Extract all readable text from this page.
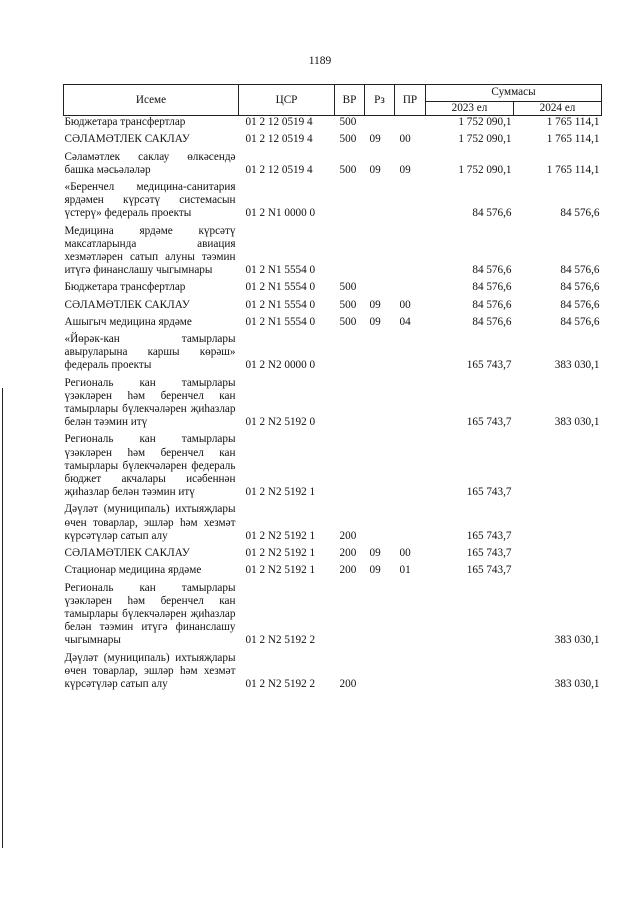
1189
Исеме	ЦСР	ВР	Рз	ПР	Суммасы	
					2023 ел	2024 ел
Бюджетара трансфертлар	01 2 12 0519 4	500			1 752 090,1	1 765 114,1
СӘЛАМӘТЛЕК САКЛАУ	01 2 12 0519 4	500	09	00	1 752 090,1	1 765 114,1
Сәламәтлек саклау өлкәсендә башка мәсьәләләр	01 2 12 0519 4	500	09	09	1 752 090,1	1 765 114,1
«Беренчел медицина-санитария ярдәмен күрсәтү системасын үстерү» федераль проекты	01 2 N1 0000 0				84 576,6	84 576,6
Медицина ярдәме күрсәтү максатларында авиация хезмәтләрен сатып алуны тәэмин итүгә финанслашу чыгымнары	01 2 N1 5554 0				84 576,6	84 576,6
Бюджетара трансфертлар	01 2 N1 5554 0	500			84 576,6	84 576,6
СӘЛАМӘТЛЕК САКЛАУ	01 2 N1 5554 0	500	09	00	84 576,6	84 576,6
Ашыгыч медицина ярдәме	01 2 N1 5554 0	500	09	04	84 576,6	84 576,6
«Йөрәк-кан тамырлары авыруларына каршы көрәш» федераль проекты	01 2 N2 0000 0				165 743,7	383 030,1
Региональ кан тамырлары үзәкләрен һәм беренчел кан тамырлары бүлекчәләрен җиһазлар белән тәэмин итү	01 2 N2 5192 0				165 743,7	383 030,1
Региональ кан тамырлары үзәкләрен һәм беренчел кан тамырлары бүлекчәләрен федераль бюджет акчалары исәбеннән җиһазлар белән тәэмин итү	01 2 N2 5192 1				165 743,7	
Дәүләт (муниципаль) ихтыяҗлары өчен товарлар, эшләр һәм хезмәт күрсәтүләр сатып алу	01 2 N2 5192 1	200			165 743,7	
СӘЛАМӘТЛЕК САКЛАУ	01 2 N2 5192 1	200	09	00	165 743,7	
Стационар медицина ярдәме	01 2 N2 5192 1	200	09	01	165 743,7	
Региональ кан тамырлары үзәкләрен һәм беренчел кан тамырлары бүлекчәләрен җиһазлар белән тәэмин итүгә финанслашу чыгымнары	01 2 N2 5192 2					383 030,1
Дәүләт (муниципаль) ихтыяҗлары өчен товарлар, эшләр һәм хезмәт күрсәтүләр сатып алу	01 2 N2 5192 2	200				383 030,1
